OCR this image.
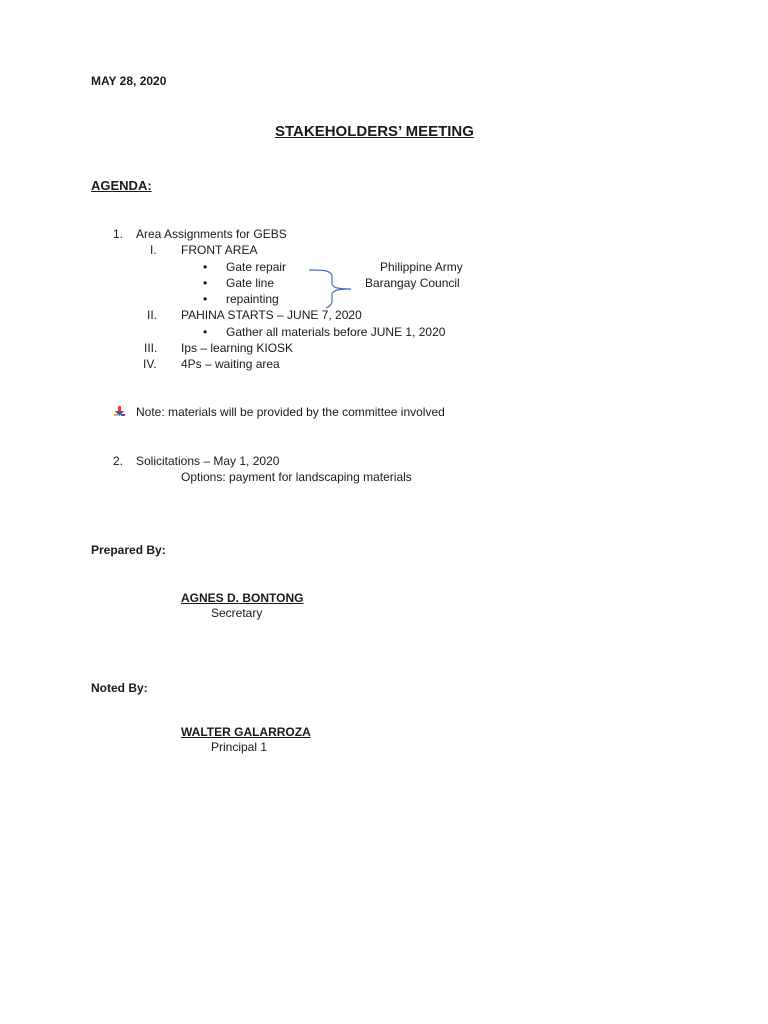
MAY 28, 2020
STAKEHOLDERS’ MEETING
AGENDA:
1. Area Assignments for GEBS
I. FRONT AREA
• Gate repair
• Gate line
• repainting
Philippine Army
Barangay Council
II. PAHINA STARTS – JUNE 7, 2020
• Gather all materials before JUNE 1, 2020
III. Ips – learning KIOSK
IV. 4Ps – waiting area
Note: materials will be provided by the committee involved
2. Solicitations – May 1, 2020
Options: payment for landscaping materials
Prepared By:
AGNES D. BONTONG
Secretary
Noted By:
WALTER GALARROZA
Principal 1
